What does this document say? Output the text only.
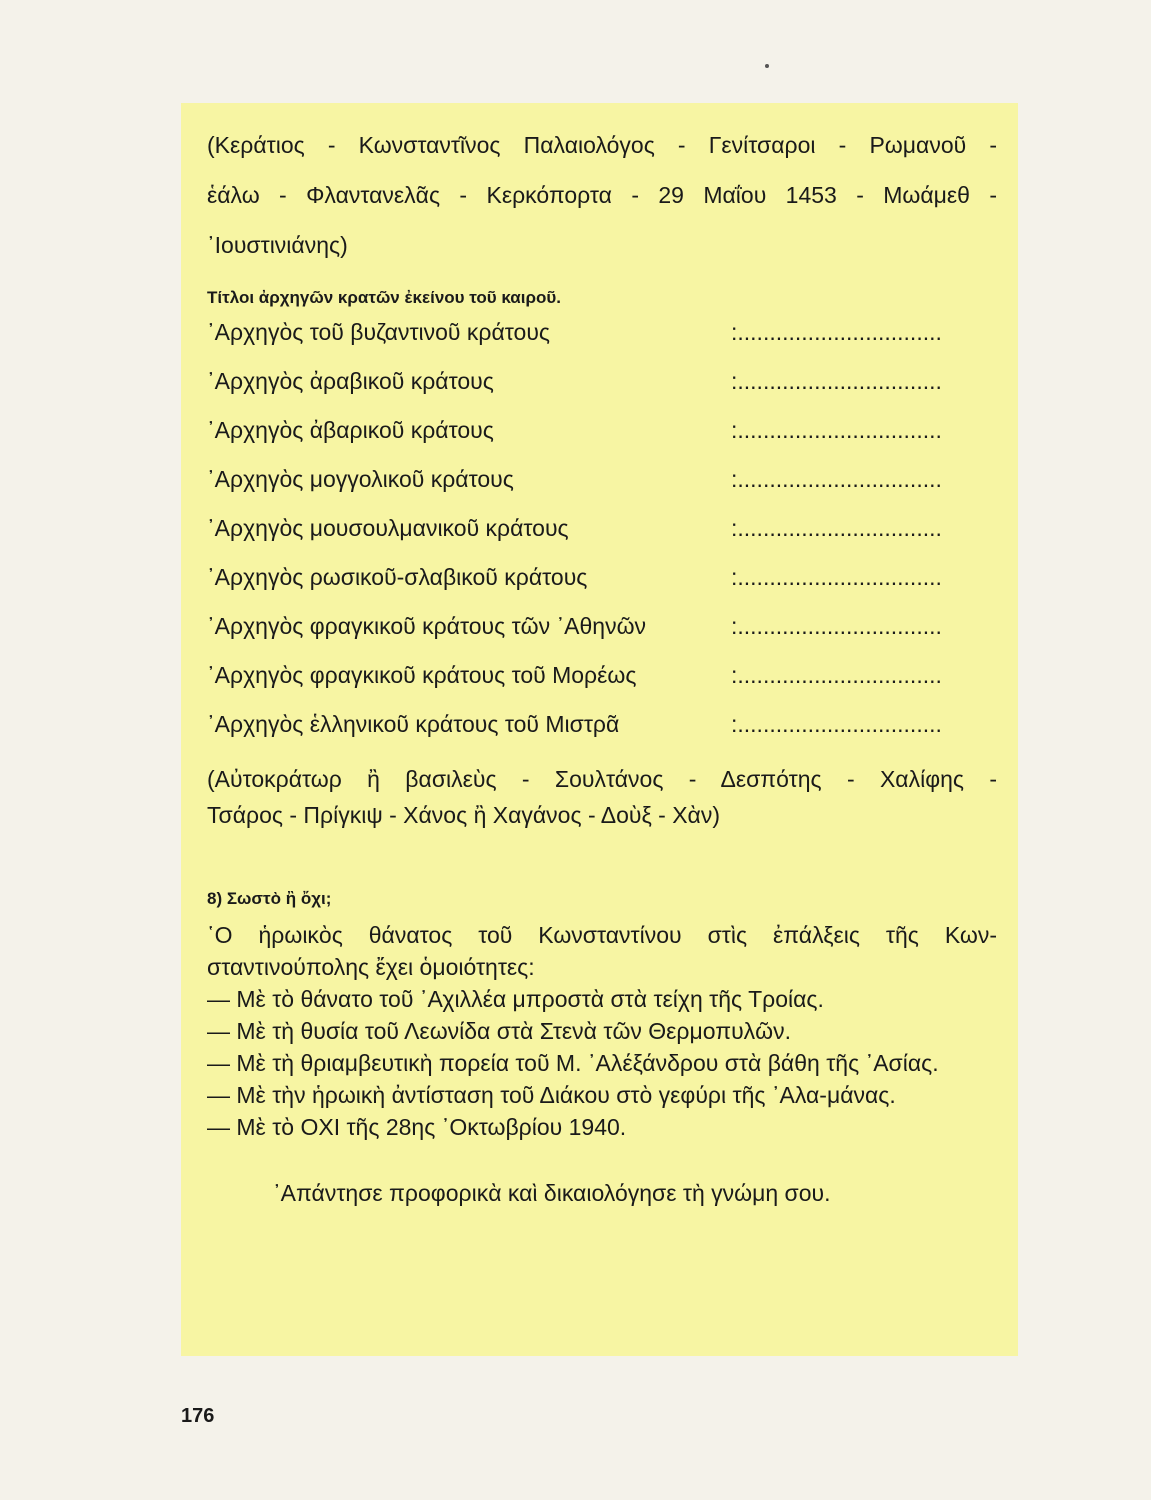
(Κεράτιος - Κωνσταντῖνος Παλαιολόγος - Γενίτσαροι - Ρωμανοῦ -

ἑάλω - Φλαντανελᾶς - Κερκόπορτα - 29 Μαΐου 1453 - Μωάμεθ -

᾿Ιουστινιάνης)

Τίτλοι ἀρχηγῶν κρατῶν ἐκείνου τοῦ καιροῦ.

᾿Αρχηγὸς τοῦ βυζαντινοῦ κράτους	:................................
᾿Αρχηγὸς ἀραβικοῦ κράτους	:................................
᾿Αρχηγὸς ἀβαρικοῦ κράτους	:................................
᾿Αρχηγὸς μογγολικοῦ κράτους	:................................
᾿Αρχηγὸς μουσουλμανικοῦ κράτους	:................................
᾿Αρχηγὸς ρωσικοῦ-σλαβικοῦ κράτους	:................................
᾿Αρχηγὸς φραγκικοῦ κράτους τῶν ᾿Αθηνῶν	:................................
᾿Αρχηγὸς φραγκικοῦ κράτους τοῦ Μορέως	:................................
᾿Αρχηγὸς ἑλληνικοῦ κράτους τοῦ Μιστρᾶ	:................................

(Αὐτοκράτωρ ἢ βασιλεὺς - Σουλτάνος - Δεσπότης - Χαλίφης -

Τσάρος - Πρίγκιψ - Χάνος ἢ Χαγάνος - Δοὺξ - Χὰν)

8) Σωστὸ ἢ ὄχι;

῾Ο ἡρωικὸς θάνατος τοῦ Κωνσταντίνου στὶς ἐπάλξεις τῆς Κων-

σταντινούπολης ἔχει ὁμοιότητες:

— Μὲ τὸ θάνατο τοῦ ᾿Αχιλλέα μπροστὰ στὰ τείχη τῆς Τροίας.

— Μὲ τὴ θυσία τοῦ Λεωνίδα στὰ Στενὰ τῶν Θερμοπυλῶν.

— Μὲ τὴ θριαμβευτικὴ πορεία τοῦ Μ. ᾿Αλέξάνδρου στὰ βάθη τῆς ᾿Ασίας.

— Μὲ τὴν ἡρωικὴ ἀντίσταση τοῦ Διάκου στὸ γεφύρι τῆς ᾿Αλα-μάνας.

— Μὲ τὸ ΟΧΙ τῆς 28ης ᾿Οκτωβρίου 1940.

᾿Απάντησε προφορικὰ καὶ δικαιολόγησε τὴ γνώμη σου.

176
